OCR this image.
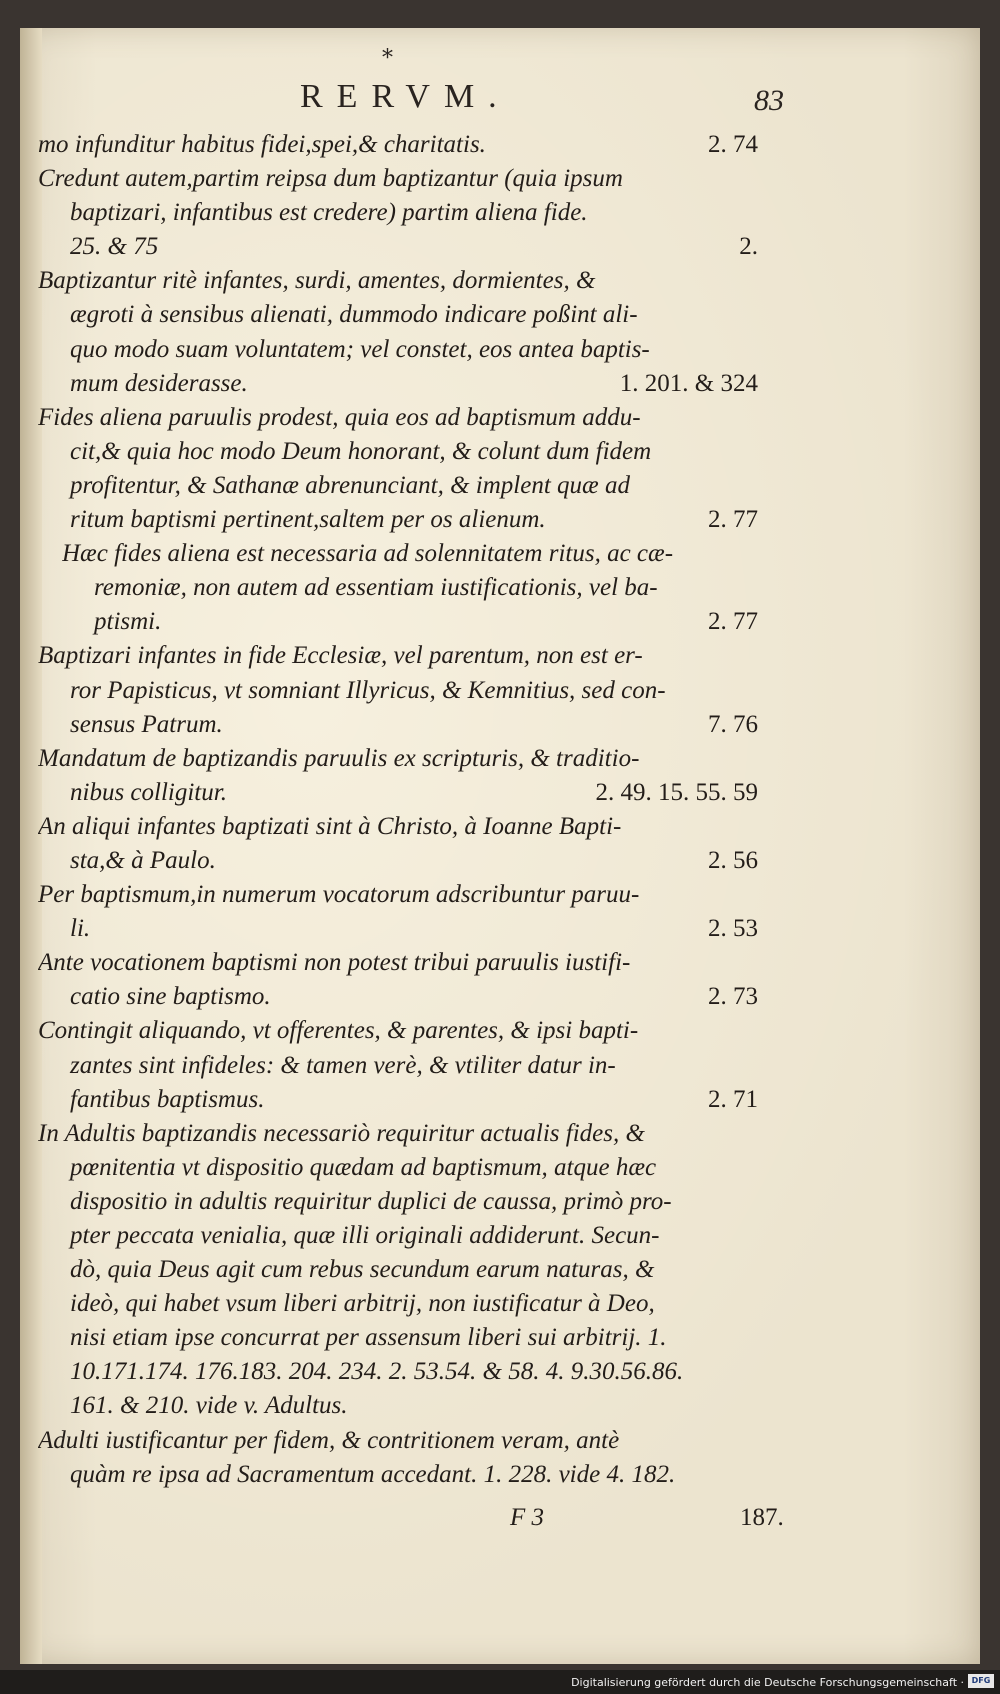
*
RERVM.	83
2. 74
mo infunditur habitus fidei,spei,& charitatis.
Credunt autem,partim reipsa dum baptizantur (quia ipsum
baptizari, infantibus est credere) partim aliena fide.
2.
25. & 75
Baptizantur ritè infantes, surdi, amentes, dormientes, &
ægroti à sensibus alienati, dummodo indicare poßint ali-
quo modo suam voluntatem; vel constet, eos antea baptis-
1. 201. & 324
mum desiderasse.
Fides aliena paruulis prodest, quia eos ad baptismum addu-
cit,& quia hoc modo Deum honorant, & colunt dum fidem
profitentur, & Sathanæ abrenunciant, & implent quæ ad
2. 77
ritum baptismi pertinent,saltem per os alienum.
Hæc fides aliena est necessaria ad solennitatem ritus, ac cæ-
remoniæ, non autem ad essentiam iustificationis, vel ba-
2. 77
ptismi.
Baptizari infantes in fide Ecclesiæ, vel parentum, non est er-
ror Papisticus, vt somniant Illyricus, & Kemnitius, sed con-
7. 76
sensus Patrum.
Mandatum de baptizandis paruulis ex scripturis, & traditio-
2. 49. 15. 55. 59
nibus colligitur.
An aliqui infantes baptizati sint à Christo, à Ioanne Bapti-
2. 56
sta,& à Paulo.
Per baptismum,in numerum vocatorum adscribuntur paruu-
2. 53
li.
Ante vocationem baptismi non potest tribui paruulis iustifi-
2. 73
catio sine baptismo.
Contingit aliquando, vt offerentes, & parentes, & ipsi bapti-
zantes sint infideles: & tamen verè, & vtiliter datur in-
2. 71
fantibus baptismus.
In Adultis baptizandis necessariò requiritur actualis fides, &
pœnitentia vt dispositio quædam ad baptismum, atque hæc
dispositio in adultis requiritur duplici de caussa, primò pro-
pter peccata venialia, quæ illi originali addiderunt. Secun-
dò, quia Deus agit cum rebus secundum earum naturas, &
ideò, qui habet vsum liberi arbitrij, non iustificatur à Deo,
nisi etiam ipse concurrat per assensum liberi sui arbitrij. 1.
10.171.174. 176.183. 204. 234. 2. 53.54. & 58. 4. 9.30.56.86.
161. & 210. vide v. Adultus.
Adulti iustificantur per fidem, & contritionem veram, antè
quàm re ipsa ad Sacramentum accedant. 1. 228. vide 4. 182.
F 3	187.
Digitalisierung gefördert durch die Deutsche Forschungsgemeinschaft · DFG
